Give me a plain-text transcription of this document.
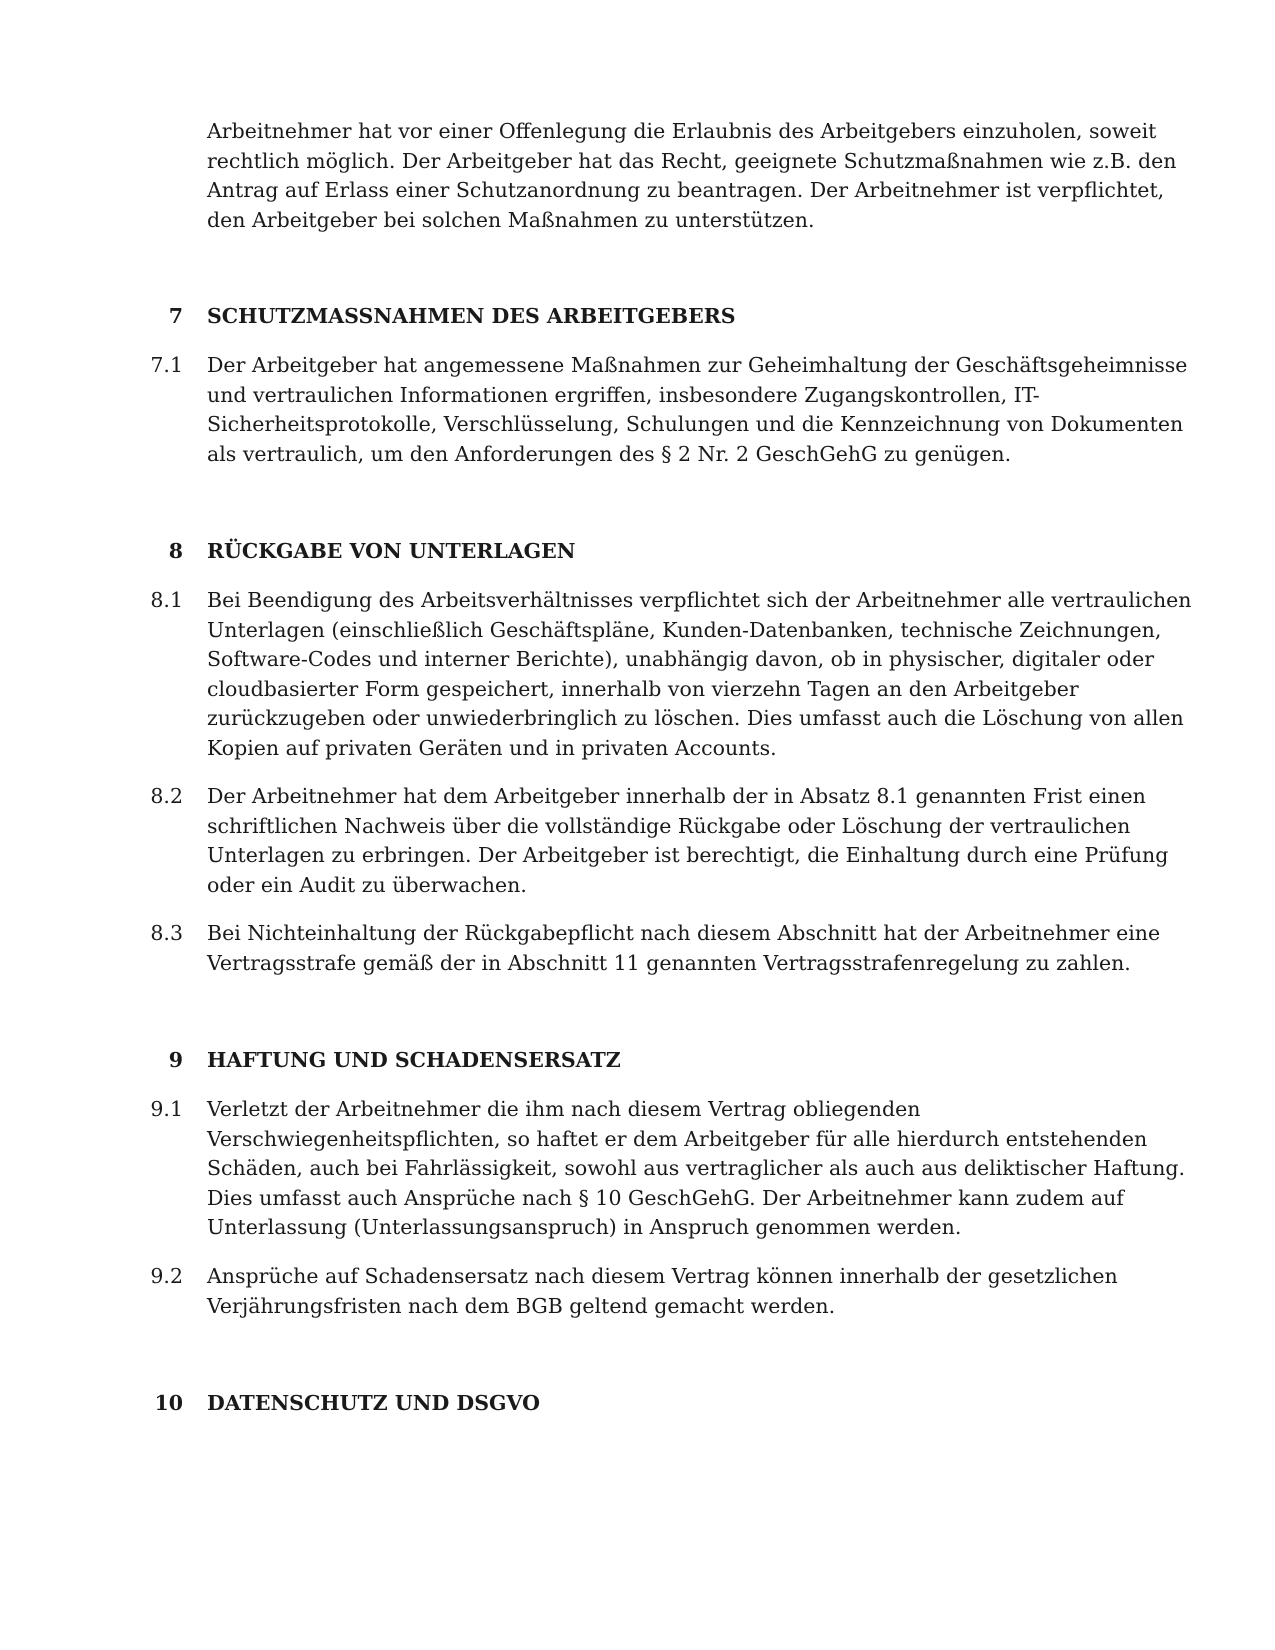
Arbeitnehmer hat vor einer Offenlegung die Erlaubnis des Arbeitgebers einzuholen, soweit
rechtlich möglich. Der Arbeitgeber hat das Recht, geeignete Schutzmaßnahmen wie z.B. den
Antrag auf Erlass einer Schutzanordnung zu beantragen. Der Arbeitnehmer ist verpflichtet,
den Arbeitgeber bei solchen Maßnahmen zu unterstützen.
7 SCHUTZMASSNAHMEN DES ARBEITGEBERS
7.1 Der Arbeitgeber hat angemessene Maßnahmen zur Geheimhaltung der Geschäftsgeheimnisse
und vertraulichen Informationen ergriffen, insbesondere Zugangskontrollen, IT-
Sicherheitsprotokolle, Verschlüsselung, Schulungen und die Kennzeichnung von Dokumenten
als vertraulich, um den Anforderungen des § 2 Nr. 2 GeschGehG zu genügen.
8 RÜCKGABE VON UNTERLAGEN
8.1 Bei Beendigung des Arbeitsverhältnisses verpflichtet sich der Arbeitnehmer alle vertraulichen
Unterlagen (einschließlich Geschäftspläne, Kunden-Datenbanken, technische Zeichnungen,
Software-Codes und interner Berichte), unabhängig davon, ob in physischer, digitaler oder
cloudbasierter Form gespeichert, innerhalb von vierzehn Tagen an den Arbeitgeber
zurückzugeben oder unwiederbringlich zu löschen. Dies umfasst auch die Löschung von allen
Kopien auf privaten Geräten und in privaten Accounts.
8.2 Der Arbeitnehmer hat dem Arbeitgeber innerhalb der in Absatz 8.1 genannten Frist einen
schriftlichen Nachweis über die vollständige Rückgabe oder Löschung der vertraulichen
Unterlagen zu erbringen. Der Arbeitgeber ist berechtigt, die Einhaltung durch eine Prüfung
oder ein Audit zu überwachen.
8.3 Bei Nichteinhaltung der Rückgabepflicht nach diesem Abschnitt hat der Arbeitnehmer eine
Vertragsstrafe gemäß der in Abschnitt 11 genannten Vertragsstrafenregelung zu zahlen.
9 HAFTUNG UND SCHADENSERSATZ
9.1 Verletzt der Arbeitnehmer die ihm nach diesem Vertrag obliegenden
Verschwiegenheitspflichten, so haftet er dem Arbeitgeber für alle hierdurch entstehenden
Schäden, auch bei Fahrlässigkeit, sowohl aus vertraglicher als auch aus deliktischer Haftung.
Dies umfasst auch Ansprüche nach § 10 GeschGehG. Der Arbeitnehmer kann zudem auf
Unterlassung (Unterlassungsanspruch) in Anspruch genommen werden.
9.2 Ansprüche auf Schadensersatz nach diesem Vertrag können innerhalb der gesetzlichen
Verjährungsfristen nach dem BGB geltend gemacht werden.
10 DATENSCHUTZ UND DSGVO
